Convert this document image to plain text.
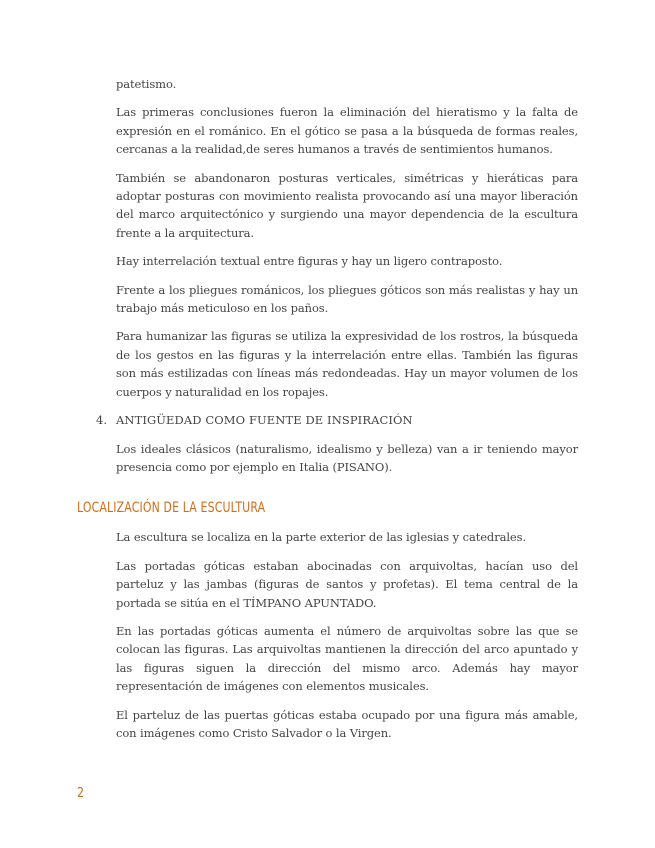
patetismo.

Las primeras conclusiones fueron la eliminación del hieratismo y la falta de expresión en el románico. En el gótico se pasa a la búsqueda de formas reales, cercanas a la realidad,de seres humanos a través de sentimientos humanos.

También se abandonaron posturas verticales, simétricas y hieráticas para adoptar posturas con movimiento realista provocando así una mayor liberación del marco arquitectónico y surgiendo una mayor dependencia de la escultura frente a la arquitectura.

Hay interrelación textual entre figuras y hay un ligero contraposto.

Frente a los pliegues románicos, los pliegues góticos son más realistas y hay un trabajo más meticuloso en los paños.

Para humanizar las figuras se utiliza la expresividad de los rostros, la búsqueda de los gestos en las figuras y la interrelación entre ellas. También las figuras son más estilizadas con líneas más redondeadas. Hay un mayor volumen de los cuerpos y naturalidad en los ropajes.

4. ANTIGÜEDAD COMO FUENTE DE INSPIRACIÓN

Los ideales clásicos (naturalismo, idealismo y belleza) van a ir teniendo mayor presencia como por ejemplo en Italia (PISANO).

LOCALIZACIÓN DE LA ESCULTURA

La escultura se localiza en la parte exterior de las iglesias y catedrales.

Las portadas góticas estaban abocinadas con arquivoltas, hacían uso del parteluz y las jambas (figuras de santos y profetas). El tema central de la portada se sitúa en el TÍMPANO APUNTADO.

En las portadas góticas aumenta el número de arquivoltas sobre las que se colocan las figuras. Las arquivoltas mantienen la dirección del arco apuntado y las figuras siguen la dirección del mismo arco. Además hay mayor representación de imágenes con elementos musicales.

El parteluz de las puertas góticas estaba ocupado por una figura más amable, con imágenes como Cristo Salvador o la Virgen.

2
